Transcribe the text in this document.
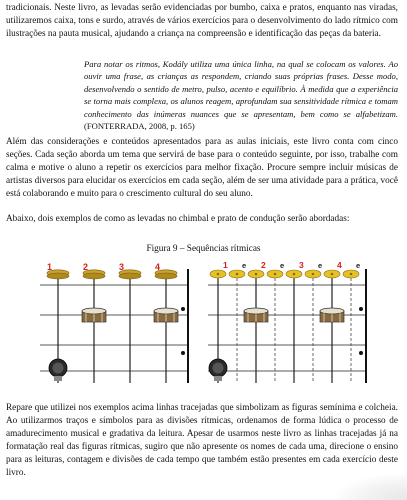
tradicionais. Neste livro, as levadas serão evidenciadas por bumbo, caixa e pratos, enquanto nas viradas, utilizaremos caixa, tons e surdo, através de vários exercícios para o desenvolvimento do lado rítmico com ilustrações na pauta musical, ajudando a criança na compreensão e identificação das peças da bateria.

Para notar os ritmos, Kodály utiliza uma única linha, na qual se colocam os valores. Ao ouvir uma frase, as crianças as respondem, criando suas próprias frases. Desse modo, desenvolvendo o sentido de metro, pulso, acento e equilíbrio. À medida que a experiência se torna mais complexa, os alunos reagem, aprofundam sua sensitividade rítmica e tomam conhecimento das inúmeras nuances que se apresentam, bem como se alfabetizam. (FONTERRADA, 2008, p. 165)

Além das considerações e conteúdos apresentados para as aulas iniciais, este livro conta com cinco seções. Cada seção aborda um tema que servirá de base para o conteúdo seguinte, por isso, trabalhe com calma e motive o aluno a repetir os exercícios para melhor fixação. Procure sempre incluir músicas de artistas diversos para elucidar os exercícios em cada seção, além de ser uma atividade para a prática, você está colaborando e muito para o crescimento cultural do seu aluno.

Abaixo, dois exemplos de como as levadas no chimbal e prato de condução serão abordadas:

Figura 9 – Sequências rítmicas
1	2	3	4	1 e 2 e 3 e 4 e

Repare que utilizei nos exemplos acima linhas tracejadas que simbolizam as figuras semínima e colcheia. Ao utilizarmos traços e símbolos para as divisões rítmicas, ordenamos de forma lúdica o processo de amadurecimento musical e gradativa da leitura. Apesar de usarmos neste livro as linhas tracejadas já na formatação real das figuras rítmicas, sugiro que não apresente os nomes de cada uma, direcione o ensino para as leituras, contagem e divisões de cada tempo que também estão presentes em cada exercício deste livro.
